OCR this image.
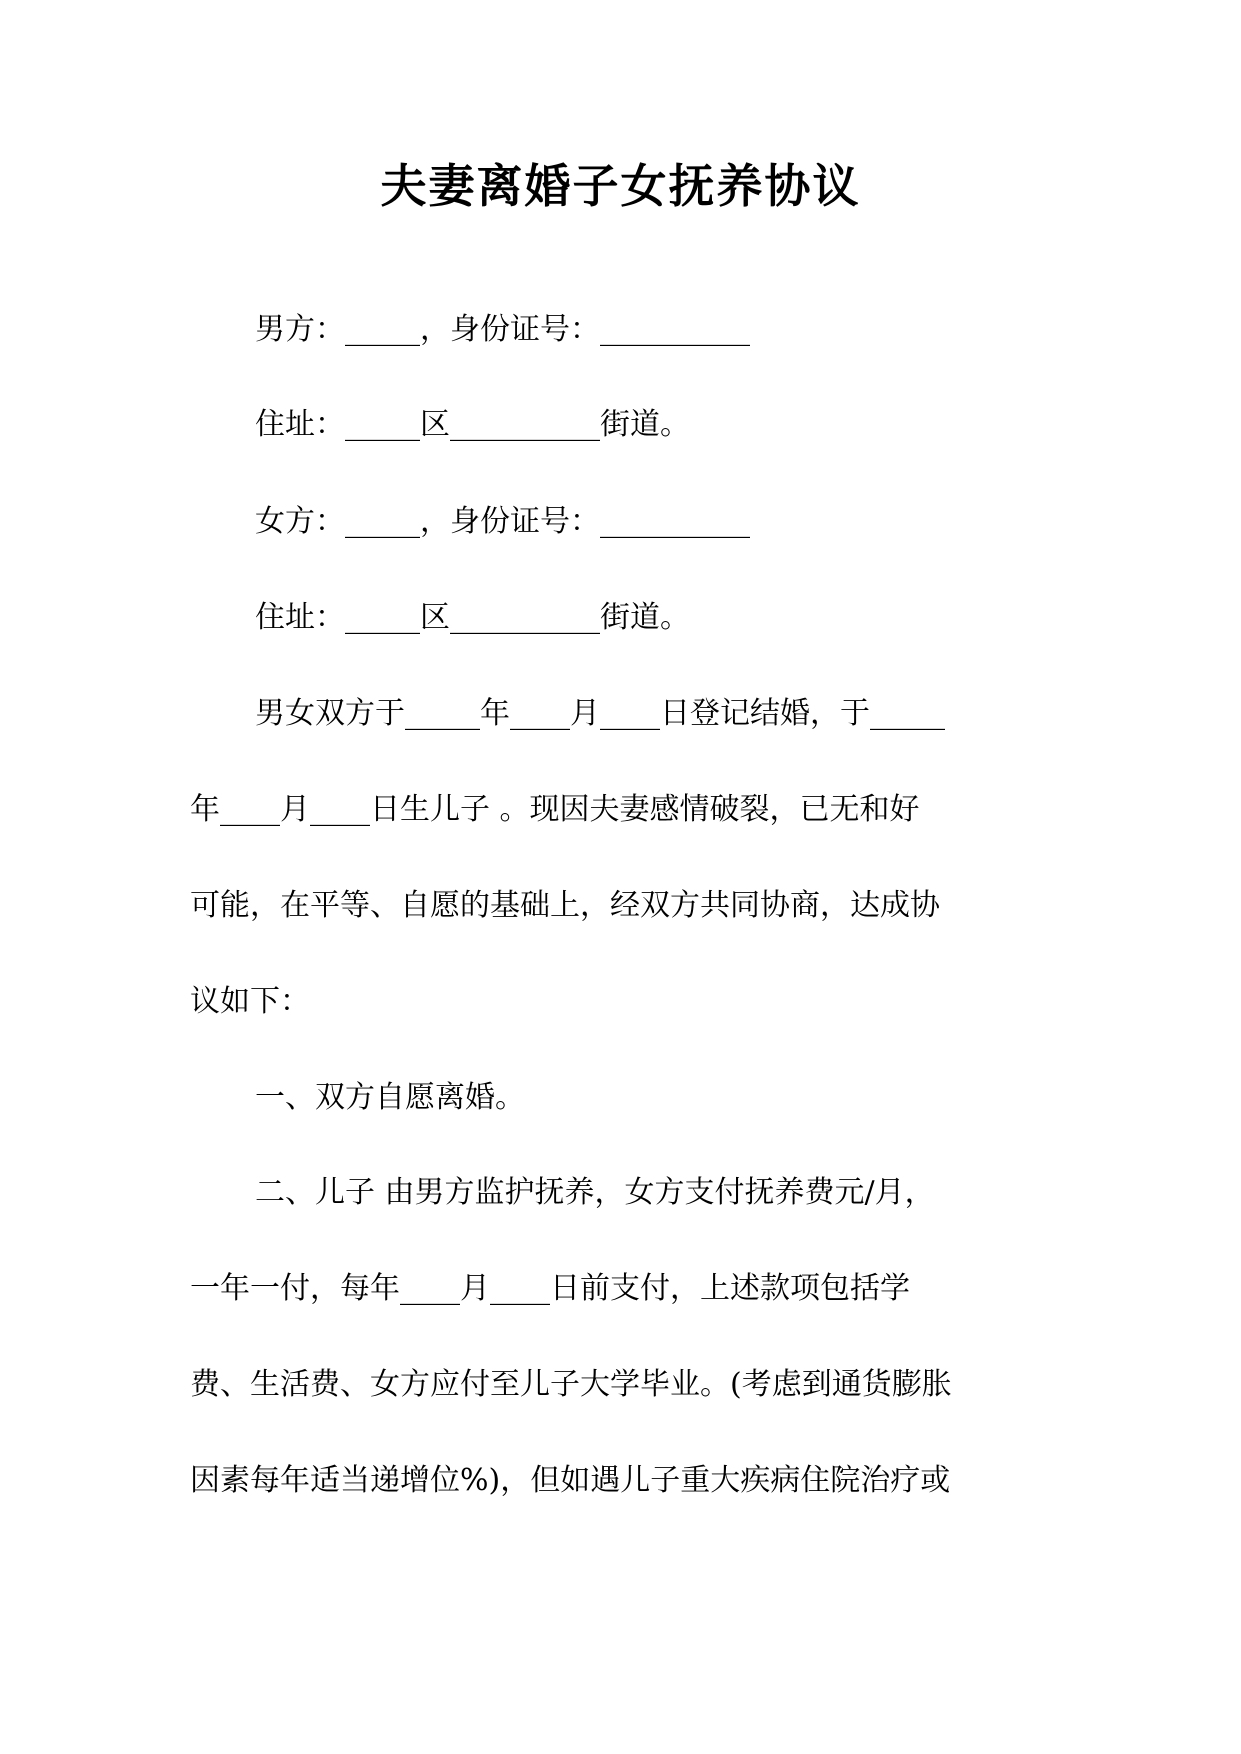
夫妻离婚子女抚养协议

男方：_____，身份证号：__________

住址：_____区__________街道。

女方：_____，身份证号：__________

住址：_____区__________街道。

男女双方于_____年____月____日登记结婚，于_____

年____月____日生儿子 。现因夫妻感情破裂，已无和好

可能，在平等、自愿的基础上，经双方共同协商，达成协

议如下：

一、双方自愿离婚。

二、儿子 由男方监护抚养，女方支付抚养费元/月，

一年一付，每年____月____日前支付，上述款项包括学

费、生活费、女方应付至儿子大学毕业。(考虑到通货膨胀

因素每年适当递增位%)，但如遇儿子重大疾病住院治疗或
